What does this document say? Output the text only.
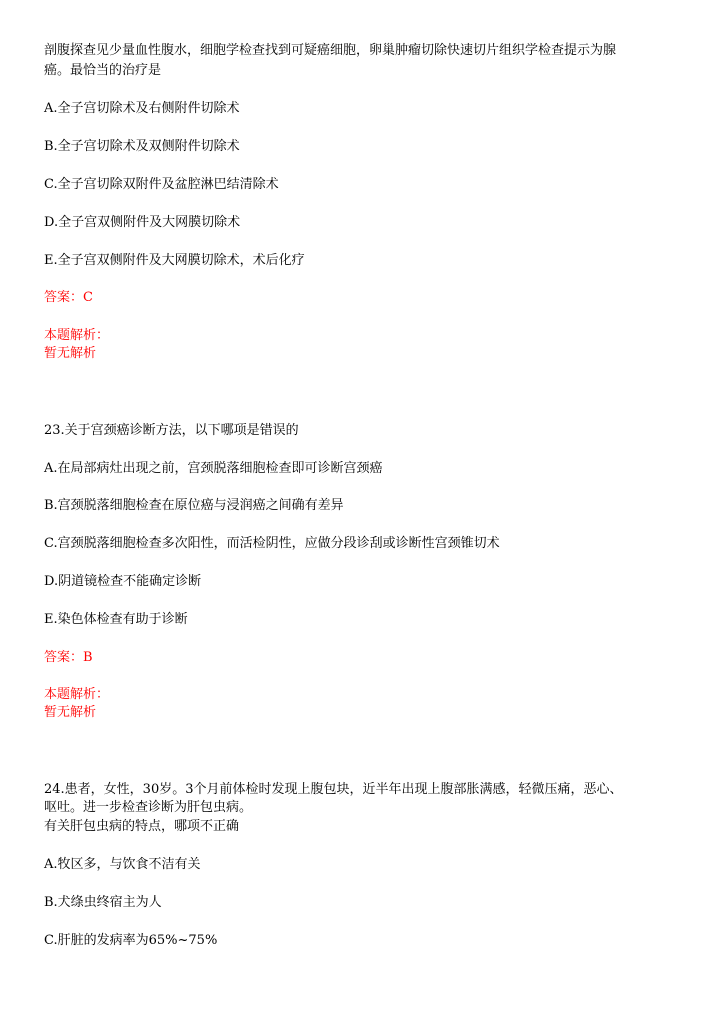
剖腹探查见少量血性腹水，细胞学检查找到可疑癌细胞，卵巢肿瘤切除快速切片组织学检查提示为腺
癌。最恰当的治疗是
A.全子宫切除术及右侧附件切除术
B.全子宫切除术及双侧附件切除术
C.全子宫切除双附件及盆腔淋巴结清除术
D.全子宫双侧附件及大网膜切除术
E.全子宫双侧附件及大网膜切除术，术后化疗
答案：C
本题解析：
暂无解析
23.关于宫颈癌诊断方法，以下哪项是错误的
A.在局部病灶出现之前，宫颈脱落细胞检查即可诊断宫颈癌
B.宫颈脱落细胞检查在原位癌与浸润癌之间确有差异
C.宫颈脱落细胞检查多次阳性，而活检阴性，应做分段诊刮或诊断性宫颈锥切术
D.阴道镜检查不能确定诊断
E.染色体检查有助于诊断
答案：B
本题解析：
暂无解析
24.患者，女性，30岁。3个月前体检时发现上腹包块，近半年出现上腹部胀满感，轻微压痛，恶心、
呕吐。进一步检查诊断为肝包虫病。
有关肝包虫病的特点，哪项不正确
A.牧区多，与饮食不洁有关
B.犬绦虫终宿主为人
C.肝脏的发病率为65%~75%
